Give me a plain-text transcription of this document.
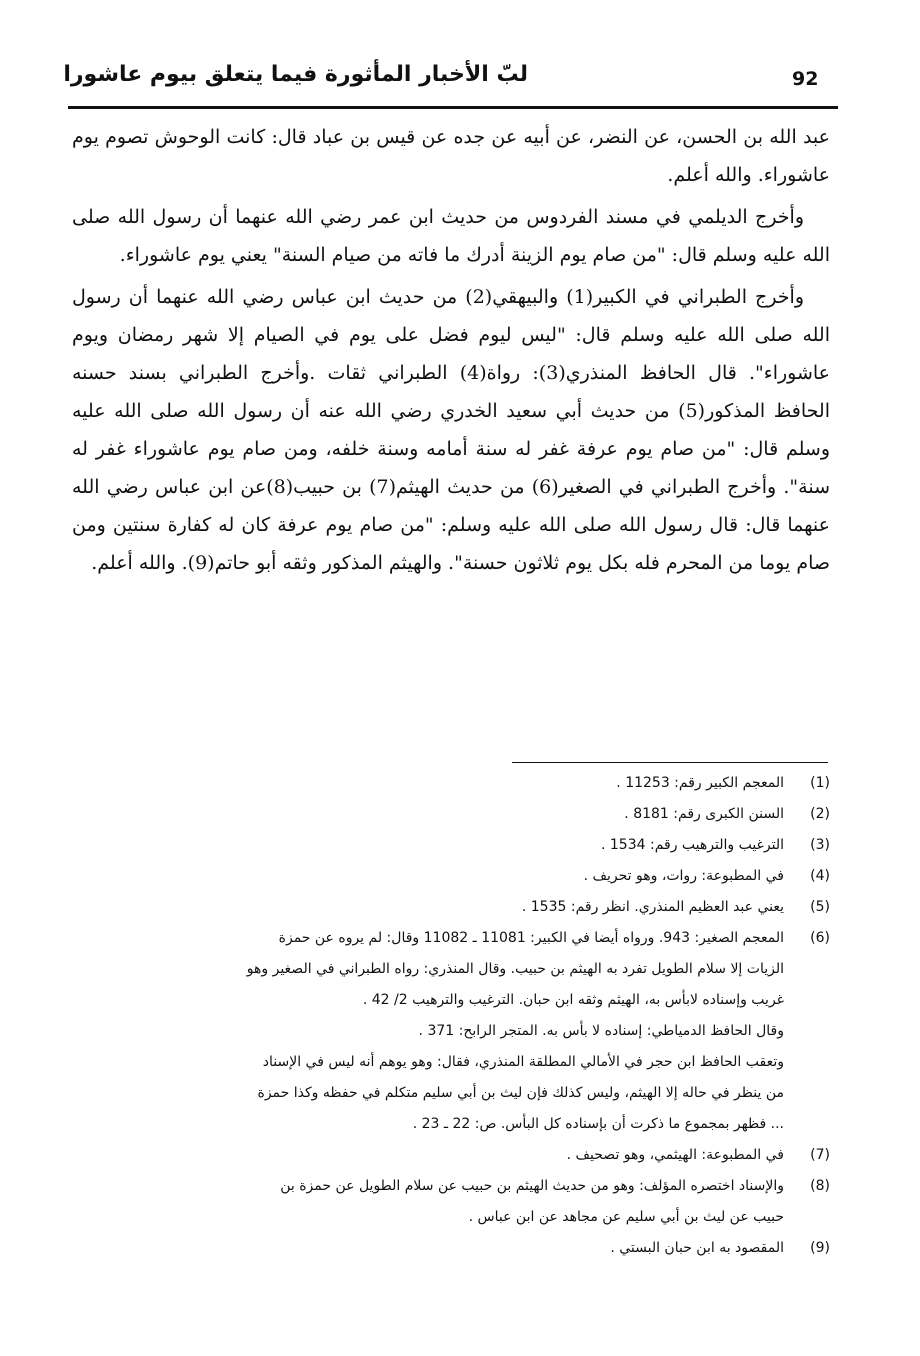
92
لبّ الأخبار المأثورة فيما يتعلق بيوم عاشورا

عبد الله بن الحسن، عن النضر، عن أبيه عن جده عن قيس بن عباد قال: كانت الوحوش تصوم يوم عاشوراء. والله أعلم.

وأخرج الديلمي في مسند الفردوس من حديث ابن عمر رضي الله عنهما أن رسول الله صلى الله عليه وسلم قال: "من صام يوم الزينة أدرك ما فاته من صيام السنة" يعني يوم عاشوراء.

وأخرج الطبراني في الكبير(1) والبيهقي(2) من حديث ابن عباس رضي الله عنهما أن رسول الله صلى الله عليه وسلم قال: "ليس ليوم فضل على يوم في الصيام إلا شهر رمضان ويوم عاشوراء". قال الحافظ المنذري(3): رواة(4) الطبراني ثقات .وأخرج الطبراني بسند حسنه الحافظ المذكور(5) من حديث أبي سعيد الخدري رضي الله عنه أن رسول الله صلى الله عليه وسلم قال: "من صام يوم عرفة غفر له سنة أمامه وسنة خلفه، ومن صام يوم عاشوراء غفر له سنة". وأخرج الطبراني في الصغير(6) من حديث الهيثم(7) بن حبيب(8)عن ابن عباس رضي الله عنهما قال: قال رسول الله صلى الله عليه وسلم: "من صام يوم عرفة كان له كفارة سنتين ومن صام يوما من المحرم فله بكل يوم ثلاثون حسنة". والهيثم المذكور وثقه أبو حاتم(9). والله أعلم.

(1)
المعجم الكبير رقم: 11253 .
(2)
السنن الكبرى رقم: 8181 .
(3)
الترغيب والترهيب رقم: 1534 .
(4)
في المطبوعة: روات، وهو تحريف .
(5)
يعني عبد العظيم المنذري. انظر رقم: 1535 .
(6)
المعجم الصغير: 943. ورواه أيضا في الكبير: 11081 ـ 11082 وقال: لم يروه عن حمزة
الزيات إلا سلام الطويل تفرد به الهيثم بن حبيب. وقال المنذري: رواه الطبراني في الصغير وهو
غريب وإسناده لابأس به، الهيثم وثقه ابن حبان. الترغيب والترهيب 2/ 42 .
وقال الحافظ الدمياطي: إسناده لا بأس به. المتجر الرابح: 371 .
وتعقب الحافظ ابن حجر في الأمالي المطلقة المنذري، فقال: وهو يوهم أنه ليس في الإسناد
من ينظر في حاله إلا الهيثم، وليس كذلك فإن ليث بن أبي سليم متكلم في حفظه وكذا حمزة
... فظهر بمجموع ما ذكرت أن بإسناده كل البأس. ص: 22 ـ 23 .
(7)
في المطبوعة: الهيثمي، وهو تصحيف .
(8)
والإسناد اختصره المؤلف: وهو من حديث الهيثم بن حبيب عن سلام الطويل عن حمزة بن
حبيب عن ليث بن أبي سليم عن مجاهد عن ابن عباس .
(9)
المقصود به ابن حبان البستي .
